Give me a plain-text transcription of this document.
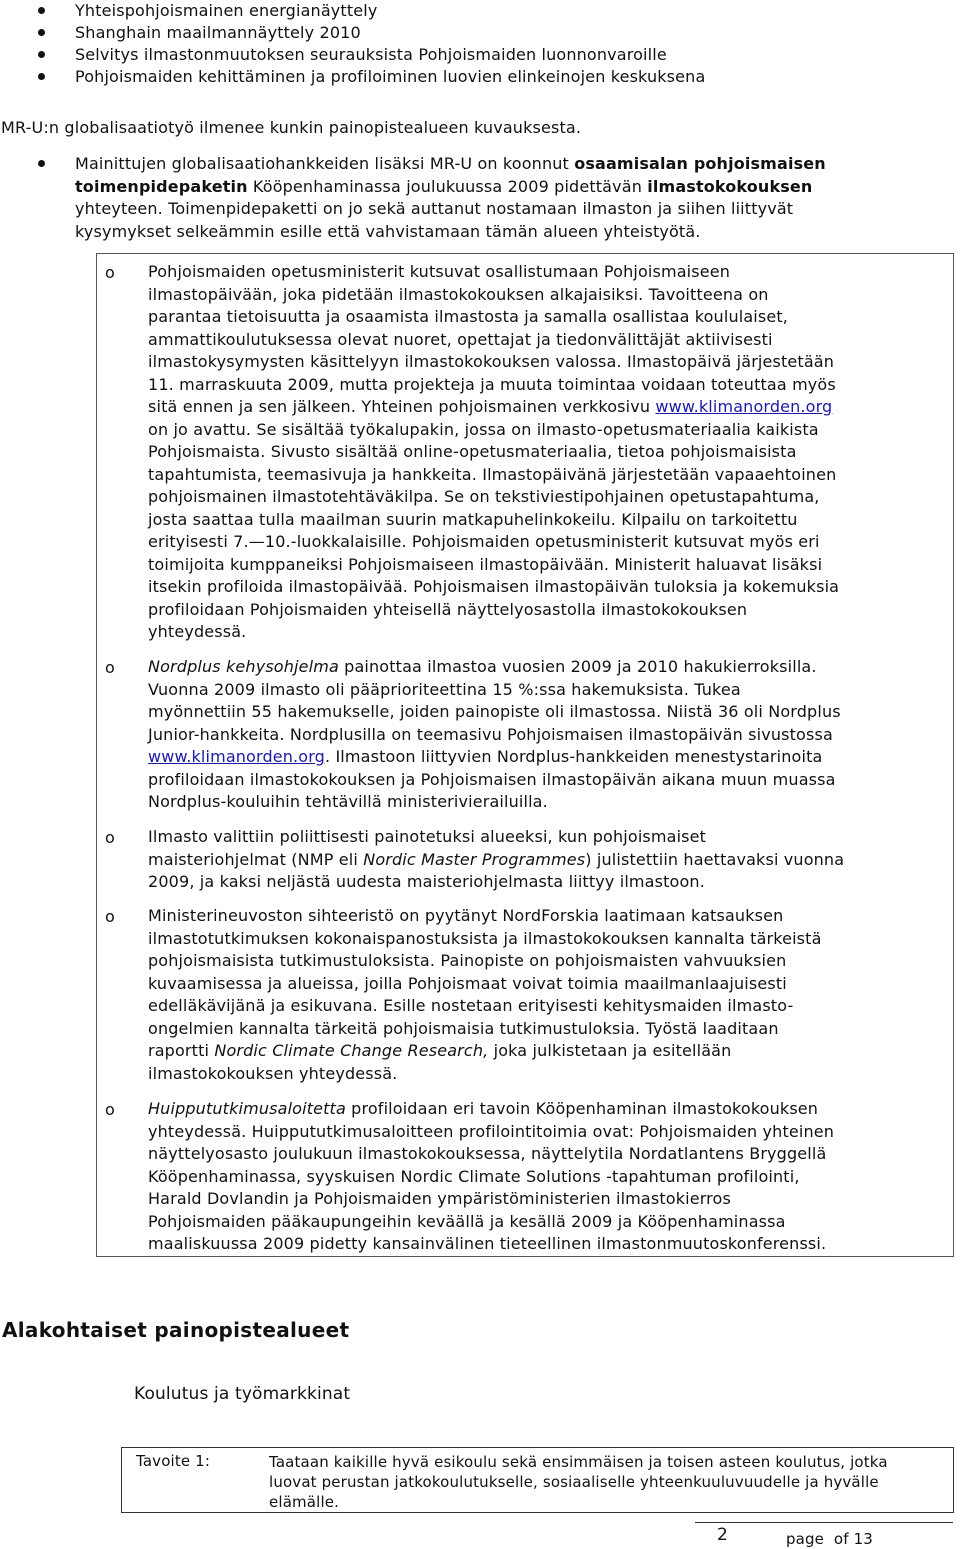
Yhteispohjoismainen energianäyttely
Shanghain maailmannäyttely 2010
Selvitys ilmastonmuutoksen seurauksista Pohjoismaiden luonnonvaroille
Pohjoismaiden kehittäminen ja profiloiminen luovien elinkeinojen keskuksena
MR-U:n globalisaatiotyö ilmenee kunkin painopistealueen kuvauksesta.
Mainittujen globalisaatiohankkeiden lisäksi MR-U on koonnut osaamisalan pohjoismaisen
toimenpidepaketin Kööpenhaminassa joulukuussa 2009 pidettävän ilmastokokouksen
yhteyteen. Toimenpidepaketti on jo sekä auttanut nostamaan ilmaston ja siihen liittyvät
kysymykset selkeämmin esille että vahvistamaan tämän alueen yhteistyötä.
o Pohjoismaiden opetusministerit kutsuvat osallistumaan Pohjoismaiseen
ilmastopäivään, joka pidetään ilmastokokouksen alkajaisiksi. Tavoitteena on
parantaa tietoisuutta ja osaamista ilmastosta ja samalla osallistaa koululaiset,
ammattikoulutuksessa olevat nuoret, opettajat ja tiedonvälittäjät aktiivisesti
ilmastokysymysten käsittelyyn ilmastokokouksen valossa. Ilmastopäivä järjestetään
11. marraskuuta 2009, mutta projekteja ja muuta toimintaa voidaan toteuttaa myös
sitä ennen ja sen jälkeen. Yhteinen pohjoismainen verkkosivu www.klimanorden.org
on jo avattu. Se sisältää työkalupakin, jossa on ilmasto-opetusmateriaalia kaikista
Pohjoismaista. Sivusto sisältää online-opetusmateriaalia, tietoa pohjoismaisista
tapahtumista, teemasivuja ja hankkeita. Ilmastopäivänä järjestetään vapaaehtoinen
pohjoismainen ilmastotehtäväkilpa. Se on tekstiviestipohjainen opetustapahtuma,
josta saattaa tulla maailman suurin matkapuhelinkokeilu. Kilpailu on tarkoitettu
erityisesti 7.—10.-luokkalaisille. Pohjoismaiden opetusministerit kutsuvat myös eri
toimijoita kumppaneiksi Pohjoismaiseen ilmastopäivään. Ministerit haluavat lisäksi
itsekin profiloida ilmastopäivää. Pohjoismaisen ilmastopäivän tuloksia ja kokemuksia
profiloidaan Pohjoismaiden yhteisellä näyttelyosastolla ilmastokokouksen
yhteydessä.
o Nordplus kehysohjelma painottaa ilmastoa vuosien 2009 ja 2010 hakukierroksilla.
Vuonna 2009 ilmasto oli pääprioriteettina 15 %:ssa hakemuksista. Tukea
myönnettiin 55 hakemukselle, joiden painopiste oli ilmastossa. Niistä 36 oli Nordplus
Junior-hankkeita. Nordplusilla on teemasivu Pohjoismaisen ilmastopäivän sivustossa
www.klimanorden.org. Ilmastoon liittyvien Nordplus-hankkeiden menestystarinoita
profiloidaan ilmastokokouksen ja Pohjoismaisen ilmastopäivän aikana muun muassa
Nordplus-kouluihin tehtävillä ministerivierailuilla.
o Ilmasto valittiin poliittisesti painotetuksi alueeksi, kun pohjoismaiset
maisteriohjelmat (NMP eli Nordic Master Programmes) julistettiin haettavaksi vuonna
2009, ja kaksi neljästä uudesta maisteriohjelmasta liittyy ilmastoon.
o Ministerineuvoston sihteeristö on pyytänyt NordForskia laatimaan katsauksen
ilmastotutkimuksen kokonaispanostuksista ja ilmastokokouksen kannalta tärkeistä
pohjoismaisista tutkimustuloksista. Painopiste on pohjoismaisten vahvuuksien
kuvaamisessa ja alueissa, joilla Pohjoismaat voivat toimia maailmanlaajuisesti
edelläkävijänä ja esikuvana. Esille nostetaan erityisesti kehitysmaiden ilmasto-
ongelmien kannalta tärkeitä pohjoismaisia tutkimustuloksia. Työstä laaditaan
raportti Nordic Climate Change Research, joka julkistetaan ja esitellään
ilmastokokouksen yhteydessä.
o Huippututkimusaloitetta profiloidaan eri tavoin Kööpenhaminan ilmastokokouksen
yhteydessä. Huippututkimusaloitteen profilointitoimia ovat: Pohjoismaiden yhteinen
näyttelyosasto joulukuun ilmastokokouksessa, näyttelytila Nordatlantens Bryggellä
Kööpenhaminassa, syyskuisen Nordic Climate Solutions -tapahtuman profilointi,
Harald Dovlandin ja Pohjoismaiden ympäristöministerien ilmastokierros
Pohjoismaiden pääkaupungeihin keväällä ja kesällä 2009 ja Kööpenhaminassa
maaliskuussa 2009 pidetty kansainvälinen tieteellinen ilmastonmuutoskonferenssi.
Alakohtaiset painopistealueet
Koulutus ja työmarkkinat
Tavoite 1:	Taataan kaikille hyvä esikoulu sekä ensimmäisen ja toisen asteen koulutus, jotka
luovat perustan jatkokoulutukselle, sosiaaliselle yhteenkuuluvuudelle ja hyvälle
elämälle.
2	page  of 13
